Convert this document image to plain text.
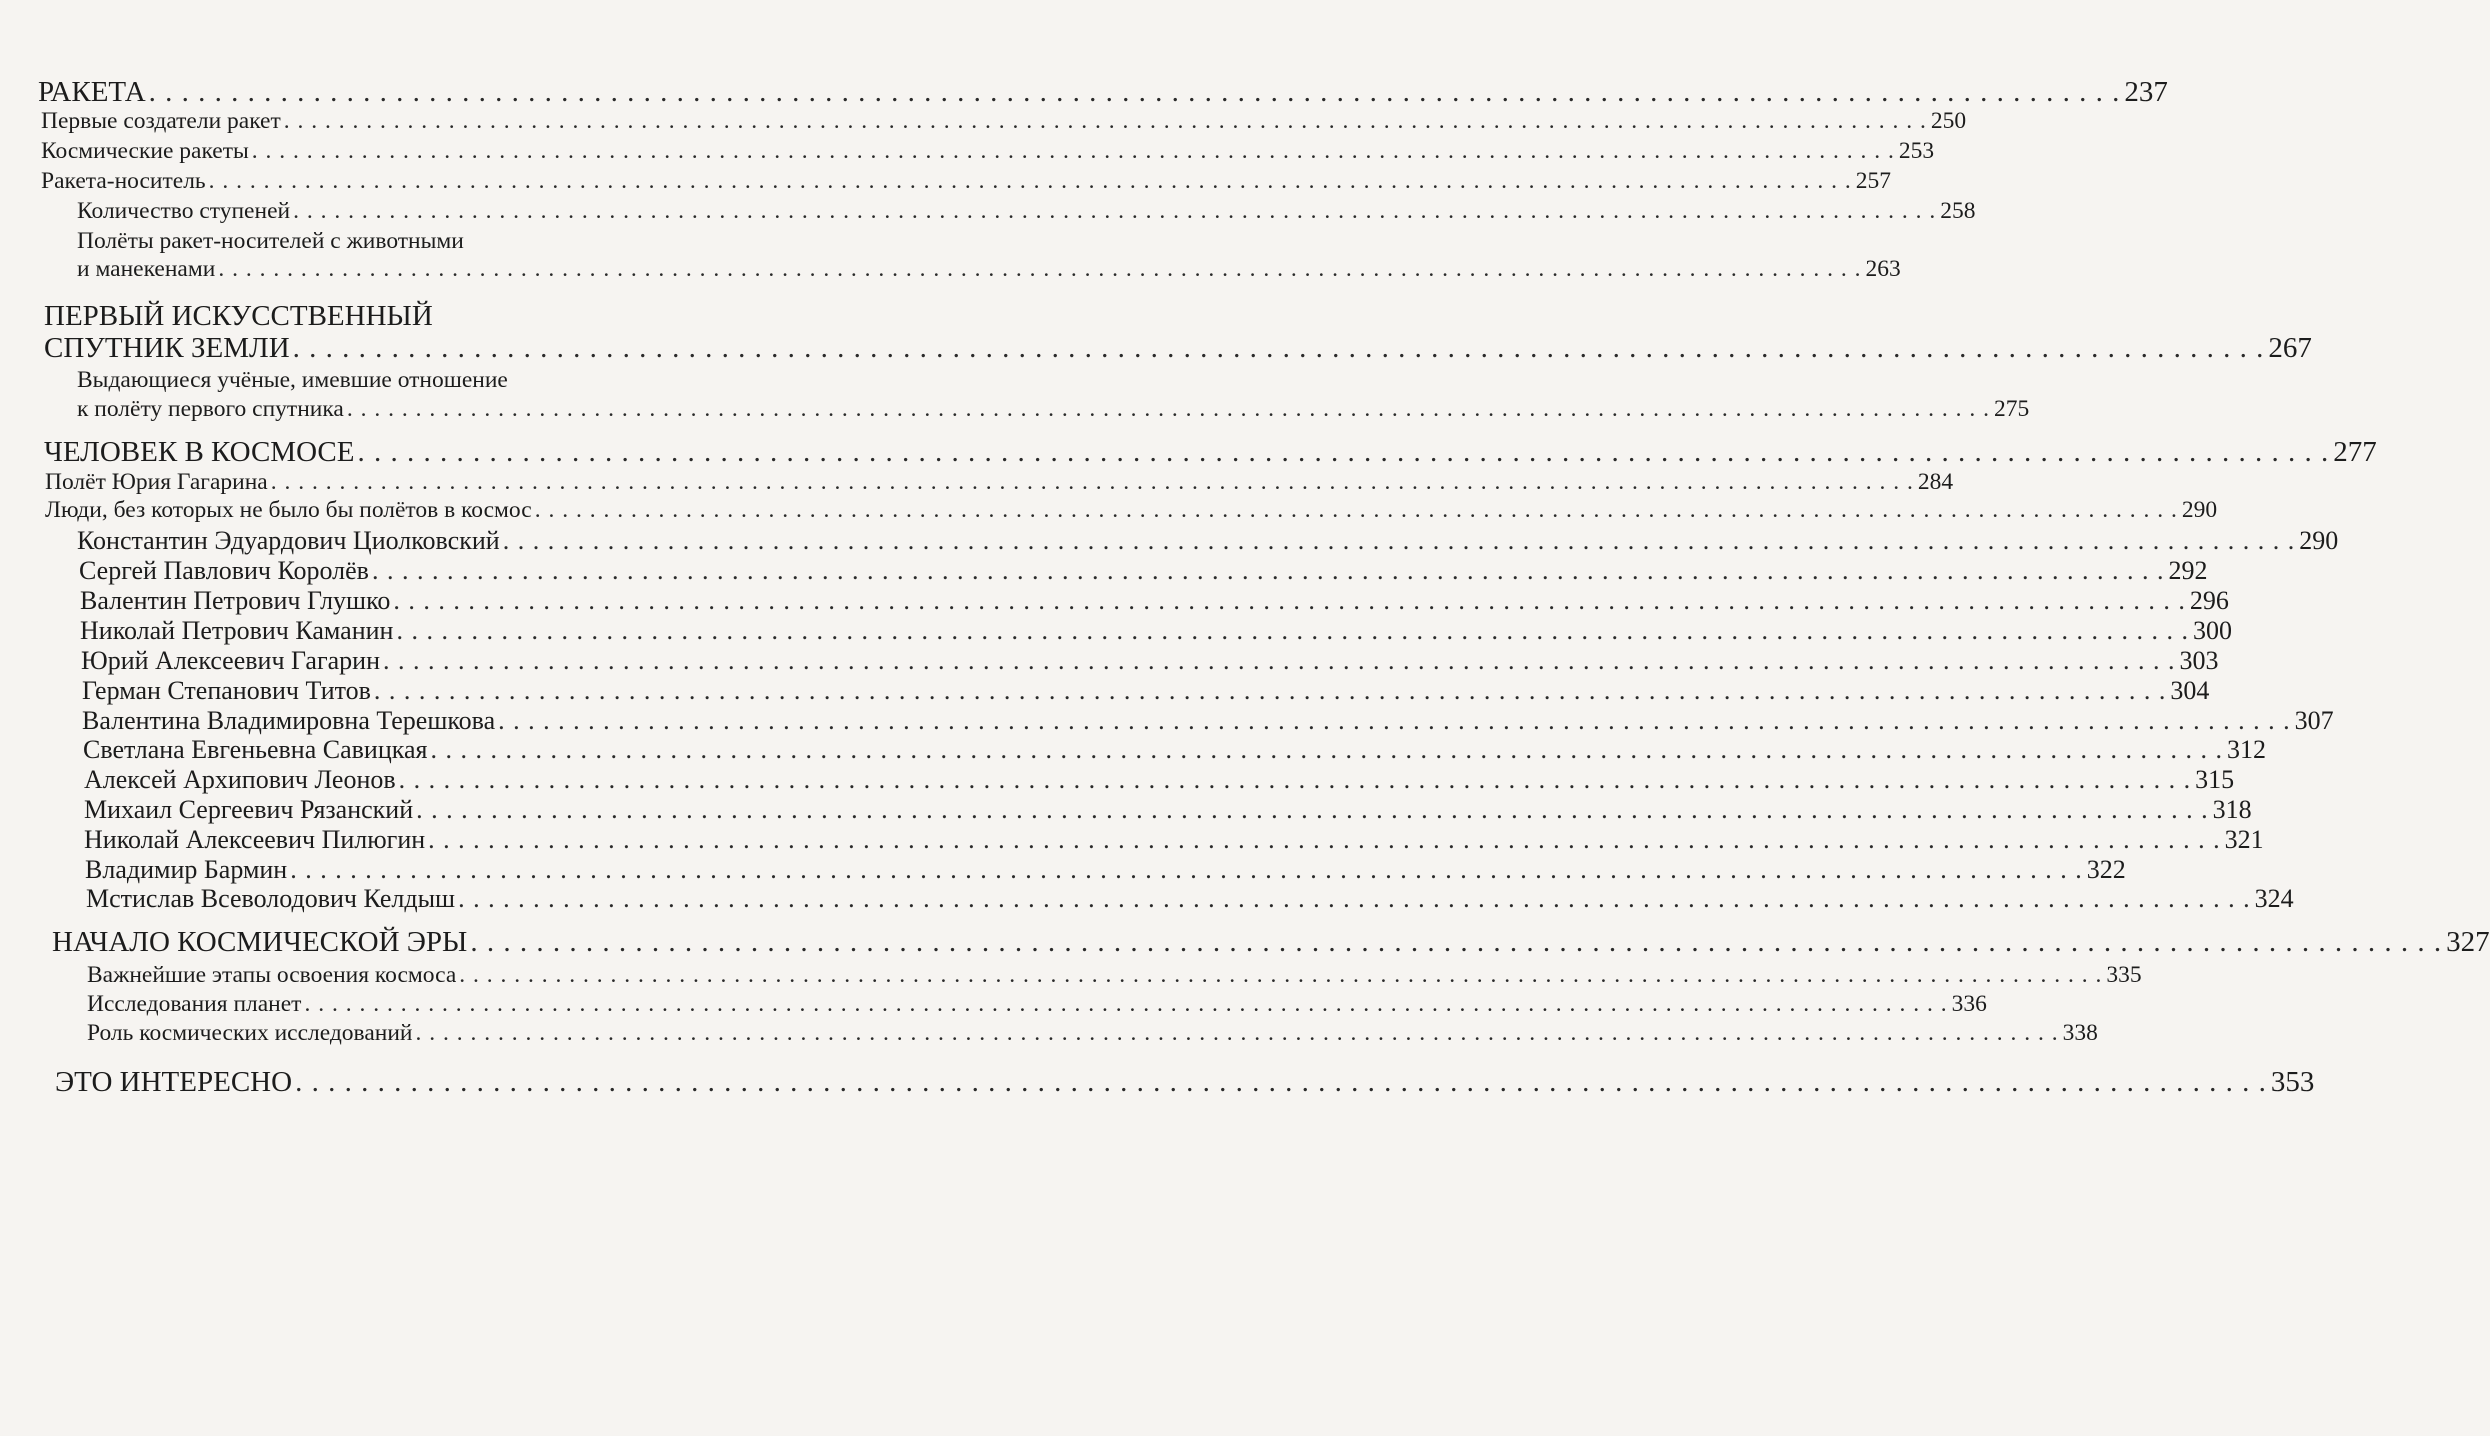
РАКЕТА . . . . . . . . . . . . . . . . . . . . . . . . . . . . . . . . . . . . . . . . . . . . . . . . . . . . . . . . . . . . . . . . . . . . . . . . . . . . . . . . . . . . . . . . . . . . . . . . . . . . . . . . . . . . . . . . . . . . . . . . 237
Первые создатели ракет . . . . . . . . . . . . . . . . . . . . . . . . . . . . . . . . . . . . . . . . . . . . . . . . . . . . . . . . . . . . . . . . . . . . . . . . . . . . . . . . . . . . . . . . . . . . . . . . . . . . . . . . . . . . . . . . . . . . . . . . 250
Космические ракеты . . . . . . . . . . . . . . . . . . . . . . . . . . . . . . . . . . . . . . . . . . . . . . . . . . . . . . . . . . . . . . . . . . . . . . . . . . . . . . . . . . . . . . . . . . . . . . . . . . . . . . . . . . . . . . . . . . . . . . . . 253
Ракета-носитель . . . . . . . . . . . . . . . . . . . . . . . . . . . . . . . . . . . . . . . . . . . . . . . . . . . . . . . . . . . . . . . . . . . . . . . . . . . . . . . . . . . . . . . . . . . . . . . . . . . . . . . . . . . . . . . . . . . . . . . . 257
Количество ступеней . . . . . . . . . . . . . . . . . . . . . . . . . . . . . . . . . . . . . . . . . . . . . . . . . . . . . . . . . . . . . . . . . . . . . . . . . . . . . . . . . . . . . . . . . . . . . . . . . . . . . . . . . . . . . . . . . . . . . . . . 258
Полёты ракет-носителей с животными
и манекенами . . . . . . . . . . . . . . . . . . . . . . . . . . . . . . . . . . . . . . . . . . . . . . . . . . . . . . . . . . . . . . . . . . . . . . . . . . . . . . . . . . . . . . . . . . . . . . . . . . . . . . . . . . . . . . . . . . . . . . . . 263
ПЕРВЫЙ ИСКУССТВЕННЫЙ
СПУТНИК ЗЕМЛИ . . . . . . . . . . . . . . . . . . . . . . . . . . . . . . . . . . . . . . . . . . . . . . . . . . . . . . . . . . . . . . . . . . . . . . . . . . . . . . . . . . . . . . . . . . . . . . . . . . . . . . . . . . . . . . . . . . . . . . . . 267
Выдающиеся учёные, имевшие отношение
к полёту первого спутника . . . . . . . . . . . . . . . . . . . . . . . . . . . . . . . . . . . . . . . . . . . . . . . . . . . . . . . . . . . . . . . . . . . . . . . . . . . . . . . . . . . . . . . . . . . . . . . . . . . . . . . . . . . . . . . . . . . . . . . . 275
ЧЕЛОВЕК В КОСМОСЕ . . . . . . . . . . . . . . . . . . . . . . . . . . . . . . . . . . . . . . . . . . . . . . . . . . . . . . . . . . . . . . . . . . . . . . . . . . . . . . . . . . . . . . . . . . . . . . . . . . . . . . . . . . . . . . . . . . . . . . . . 277
Полёт Юрия Гагарина . . . . . . . . . . . . . . . . . . . . . . . . . . . . . . . . . . . . . . . . . . . . . . . . . . . . . . . . . . . . . . . . . . . . . . . . . . . . . . . . . . . . . . . . . . . . . . . . . . . . . . . . . . . . . . . . . . . . . . . . 284
Люди, без которых не было бы полётов в космос . . . . . . . . . . . . . . . . . . . . . . . . . . . . . . . . . . . . . . . . . . . . . . . . . . . . . . . . . . . . . . . . . . . . . . . . . . . . . . . . . . . . . . . . . . . . . . . . . . . . . . . . . . . . . . . . . . . . . . . . 290
Константин Эдуардович Циолковский . . . . . . . . . . . . . . . . . . . . . . . . . . . . . . . . . . . . . . . . . . . . . . . . . . . . . . . . . . . . . . . . . . . . . . . . . . . . . . . . . . . . . . . . . . . . . . . . . . . . . . . . . . . . . . . . . . . . . . . . 290
Сергей Павлович Королёв . . . . . . . . . . . . . . . . . . . . . . . . . . . . . . . . . . . . . . . . . . . . . . . . . . . . . . . . . . . . . . . . . . . . . . . . . . . . . . . . . . . . . . . . . . . . . . . . . . . . . . . . . . . . . . . . . . . . . . . . 292
Валентин Петрович Глушко . . . . . . . . . . . . . . . . . . . . . . . . . . . . . . . . . . . . . . . . . . . . . . . . . . . . . . . . . . . . . . . . . . . . . . . . . . . . . . . . . . . . . . . . . . . . . . . . . . . . . . . . . . . . . . . . . . . . . . . . 296
Николай Петрович Каманин . . . . . . . . . . . . . . . . . . . . . . . . . . . . . . . . . . . . . . . . . . . . . . . . . . . . . . . . . . . . . . . . . . . . . . . . . . . . . . . . . . . . . . . . . . . . . . . . . . . . . . . . . . . . . . . . . . . . . . . . 300
Юрий Алексеевич Гагарин . . . . . . . . . . . . . . . . . . . . . . . . . . . . . . . . . . . . . . . . . . . . . . . . . . . . . . . . . . . . . . . . . . . . . . . . . . . . . . . . . . . . . . . . . . . . . . . . . . . . . . . . . . . . . . . . . . . . . . . . 303
Герман Степанович Титов . . . . . . . . . . . . . . . . . . . . . . . . . . . . . . . . . . . . . . . . . . . . . . . . . . . . . . . . . . . . . . . . . . . . . . . . . . . . . . . . . . . . . . . . . . . . . . . . . . . . . . . . . . . . . . . . . . . . . . . . 304
Валентина Владимировна Терешкова . . . . . . . . . . . . . . . . . . . . . . . . . . . . . . . . . . . . . . . . . . . . . . . . . . . . . . . . . . . . . . . . . . . . . . . . . . . . . . . . . . . . . . . . . . . . . . . . . . . . . . . . . . . . . . . . . . . . . . . . 307
Светлана Евгеньевна Савицкая . . . . . . . . . . . . . . . . . . . . . . . . . . . . . . . . . . . . . . . . . . . . . . . . . . . . . . . . . . . . . . . . . . . . . . . . . . . . . . . . . . . . . . . . . . . . . . . . . . . . . . . . . . . . . . . . . . . . . . . . 312
Алексей Архипович Леонов . . . . . . . . . . . . . . . . . . . . . . . . . . . . . . . . . . . . . . . . . . . . . . . . . . . . . . . . . . . . . . . . . . . . . . . . . . . . . . . . . . . . . . . . . . . . . . . . . . . . . . . . . . . . . . . . . . . . . . . . 315
Михаил Сергеевич Рязанский . . . . . . . . . . . . . . . . . . . . . . . . . . . . . . . . . . . . . . . . . . . . . . . . . . . . . . . . . . . . . . . . . . . . . . . . . . . . . . . . . . . . . . . . . . . . . . . . . . . . . . . . . . . . . . . . . . . . . . . . 318
Николай Алексеевич Пилюгин . . . . . . . . . . . . . . . . . . . . . . . . . . . . . . . . . . . . . . . . . . . . . . . . . . . . . . . . . . . . . . . . . . . . . . . . . . . . . . . . . . . . . . . . . . . . . . . . . . . . . . . . . . . . . . . . . . . . . . . . 321
Владимир Бармин . . . . . . . . . . . . . . . . . . . . . . . . . . . . . . . . . . . . . . . . . . . . . . . . . . . . . . . . . . . . . . . . . . . . . . . . . . . . . . . . . . . . . . . . . . . . . . . . . . . . . . . . . . . . . . . . . . . . . . . . 322
Мстислав Всеволодович Келдыш . . . . . . . . . . . . . . . . . . . . . . . . . . . . . . . . . . . . . . . . . . . . . . . . . . . . . . . . . . . . . . . . . . . . . . . . . . . . . . . . . . . . . . . . . . . . . . . . . . . . . . . . . . . . . . . . . . . . . . . . 324
НАЧАЛО КОСМИЧЕСКОЙ ЭРЫ . . . . . . . . . . . . . . . . . . . . . . . . . . . . . . . . . . . . . . . . . . . . . . . . . . . . . . . . . . . . . . . . . . . . . . . . . . . . . . . . . . . . . . . . . . . . . . . . . . . . . . . . . . . . . . . . . . . . . . . . 327
Важнейшие этапы освоения космоса . . . . . . . . . . . . . . . . . . . . . . . . . . . . . . . . . . . . . . . . . . . . . . . . . . . . . . . . . . . . . . . . . . . . . . . . . . . . . . . . . . . . . . . . . . . . . . . . . . . . . . . . . . . . . . . . . . . . . . . . 335
Исследования планет . . . . . . . . . . . . . . . . . . . . . . . . . . . . . . . . . . . . . . . . . . . . . . . . . . . . . . . . . . . . . . . . . . . . . . . . . . . . . . . . . . . . . . . . . . . . . . . . . . . . . . . . . . . . . . . . . . . . . . . . 336
Роль космических исследований . . . . . . . . . . . . . . . . . . . . . . . . . . . . . . . . . . . . . . . . . . . . . . . . . . . . . . . . . . . . . . . . . . . . . . . . . . . . . . . . . . . . . . . . . . . . . . . . . . . . . . . . . . . . . . . . . . . . . . . . 338
ЭТО ИНТЕРЕСНО . . . . . . . . . . . . . . . . . . . . . . . . . . . . . . . . . . . . . . . . . . . . . . . . . . . . . . . . . . . . . . . . . . . . . . . . . . . . . . . . . . . . . . . . . . . . . . . . . . . . . . . . . . . . . . . . . . . . . . . . 353
